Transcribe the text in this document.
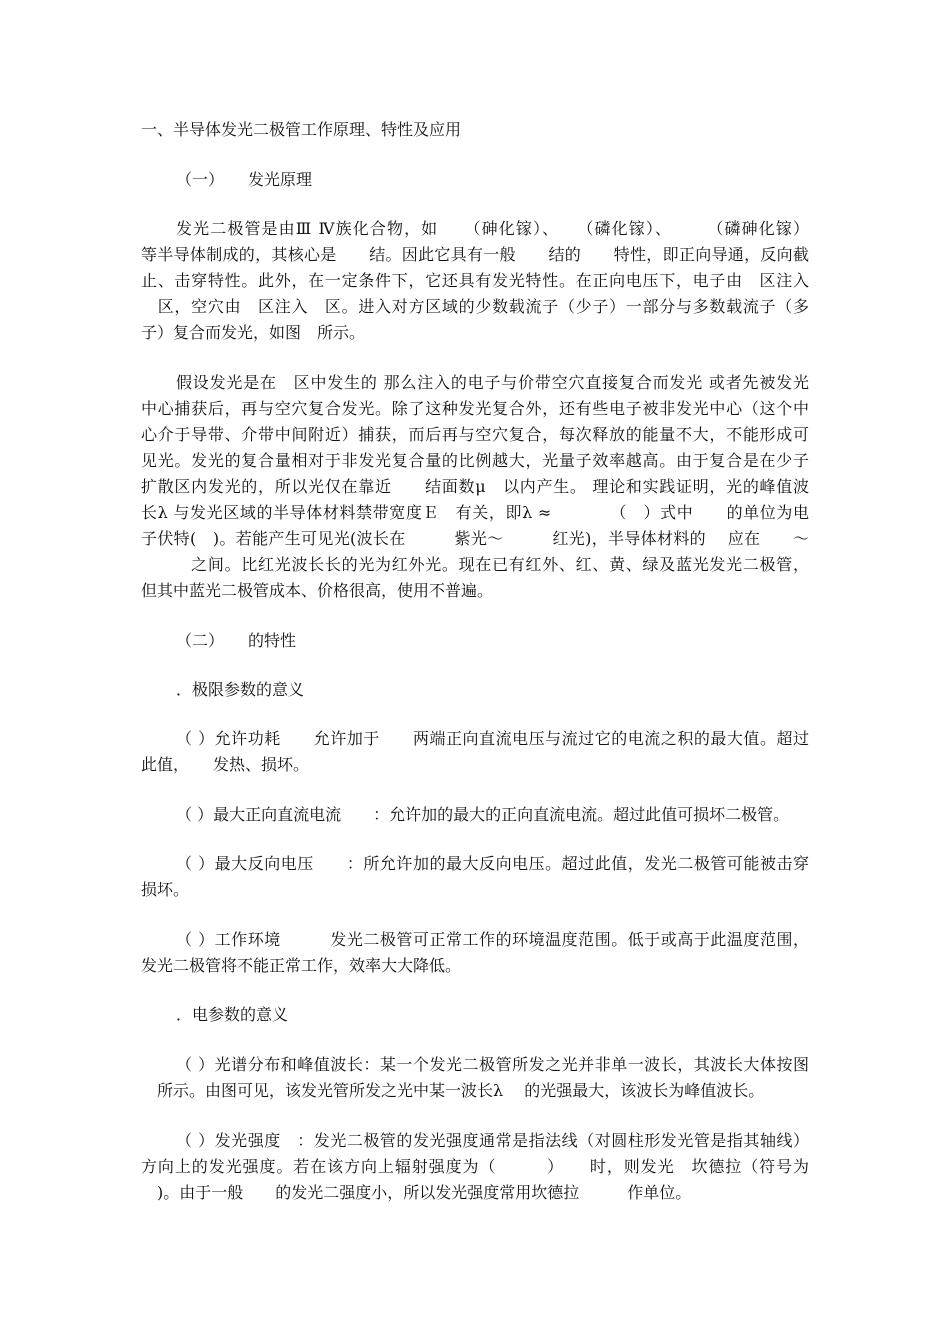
一、半导体发光二极管工作原理、特性及应用
（一）　　发光原理
发光二极管是由Ⅲ Ⅳ族化合物，如　　（砷化镓）、　　（磷化镓）、　　　（磷砷化镓）
等半导体制成的，其核心是　　结。因此它具有一般　　结的　　特性，即正向导通，反向截
止、击穿特性。此外，在一定条件下，它还具有发光特性。在正向电压下，电子由　区注入
　区，空穴由　区注入　区。进入对方区域的少数载流子（少子）一部分与多数载流子（多
子）复合而发光，如图　所示。
假设发光是在　区中发生的 那么注入的电子与价带空穴直接复合而发光 或者先被发光
中心捕获后，再与空穴复合发光。除了这种发光复合外，还有些电子被非发光中心（这个中
心介于导带、介带中间附近）捕获，而后再与空穴复合，每次释放的能量不大，不能形成可
见光。发光的复合量相对于非发光复合量的比例越大，光量子效率越高。由于复合是在少子
扩散区内发光的，所以光仅在靠近　　结面数μ　以内产生。 理论和实践证明，光的峰值波
长λ 与发光区域的半导体材料禁带宽度Ｅ　有关，即λ ≈　　　　（　）式中　　的单位为电
子伏特(　)。若能产生可见光(波长在　　　紫光～　　　红光)，半导体材料的　 应在　　～
　　　之间。比红光波长长的光为红外光。现在已有红外、红、黄、绿及蓝光发光二极管，
但其中蓝光二极管成本、价格很高，使用不普遍。
（二）　　的特性
．极限参数的意义
（ ）允许功耗　　允许加于　　两端正向直流电压与流过它的电流之积的最大值。超过
此值，　　发热、损坏。
（ ）最大正向直流电流　　：允许加的最大的正向直流电流。超过此值可损坏二极管。
（ ）最大反向电压　　：所允许加的最大反向电压。超过此值，发光二极管可能被击穿
损坏。
（ ）工作环境　　　发光二极管可正常工作的环境温度范围。低于或高于此温度范围，
发光二极管将不能正常工作，效率大大降低。
．电参数的意义
（ ）光谱分布和峰值波长：某一个发光二极管所发之光并非单一波长，其波长大体按图
　所示。由图可见，该发光管所发之光中某一波长λ　 的光强最大，该波长为峰值波长。
（ ）发光强度　：发光二极管的发光强度通常是指法线（对圆柱形发光管是指其轴线）
方向上的发光强度。若在该方向上辐射强度为（　　　）　　时，则发光　坎德拉（符号为
　)。由于一般　　的发光二强度小，所以发光强度常用坎德拉　　　作单位。
